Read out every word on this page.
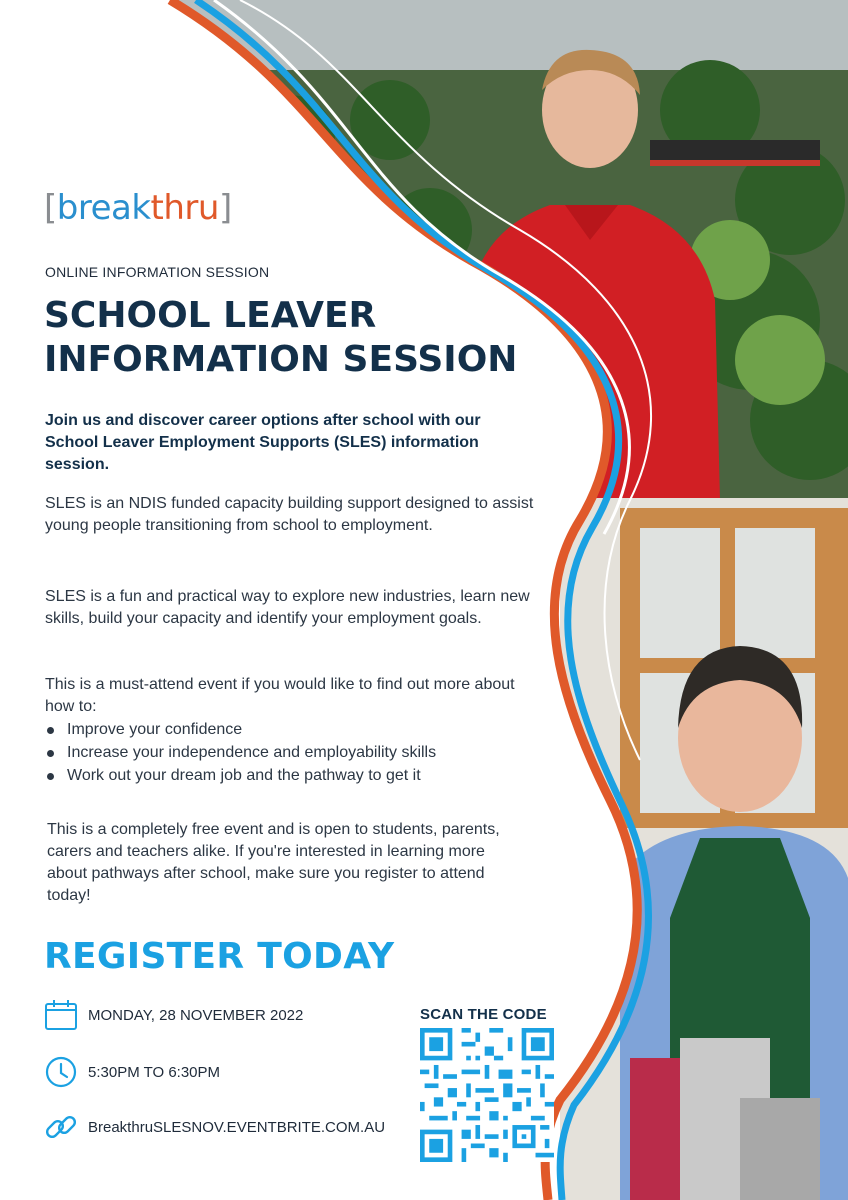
[breakthru]
ONLINE INFORMATION SESSION
SCHOOL LEAVER
INFORMATION SESSION
Join us and discover career options after school with our School Leaver Employment Supports (SLES) information session.
SLES is an NDIS funded capacity building support designed to assist young people transitioning from school to employment.
SLES is a fun and practical way to explore new industries, learn new skills, build your capacity and identify your employment goals.
This is a must-attend event if you would like to find out more about how to:
Improve your confidence
Increase your independence and employability skills
Work out your dream job and the pathway to get it
This is a completely free event and is open to students, parents, carers and teachers alike. If you're interested in learning more about pathways after school, make sure you register to attend today!
REGISTER TODAY
MONDAY, 28 NOVEMBER 2022
5:30PM TO 6:30PM
BreakthruSLESNOV.EVENTBRITE.COM.AU
SCAN THE CODE
